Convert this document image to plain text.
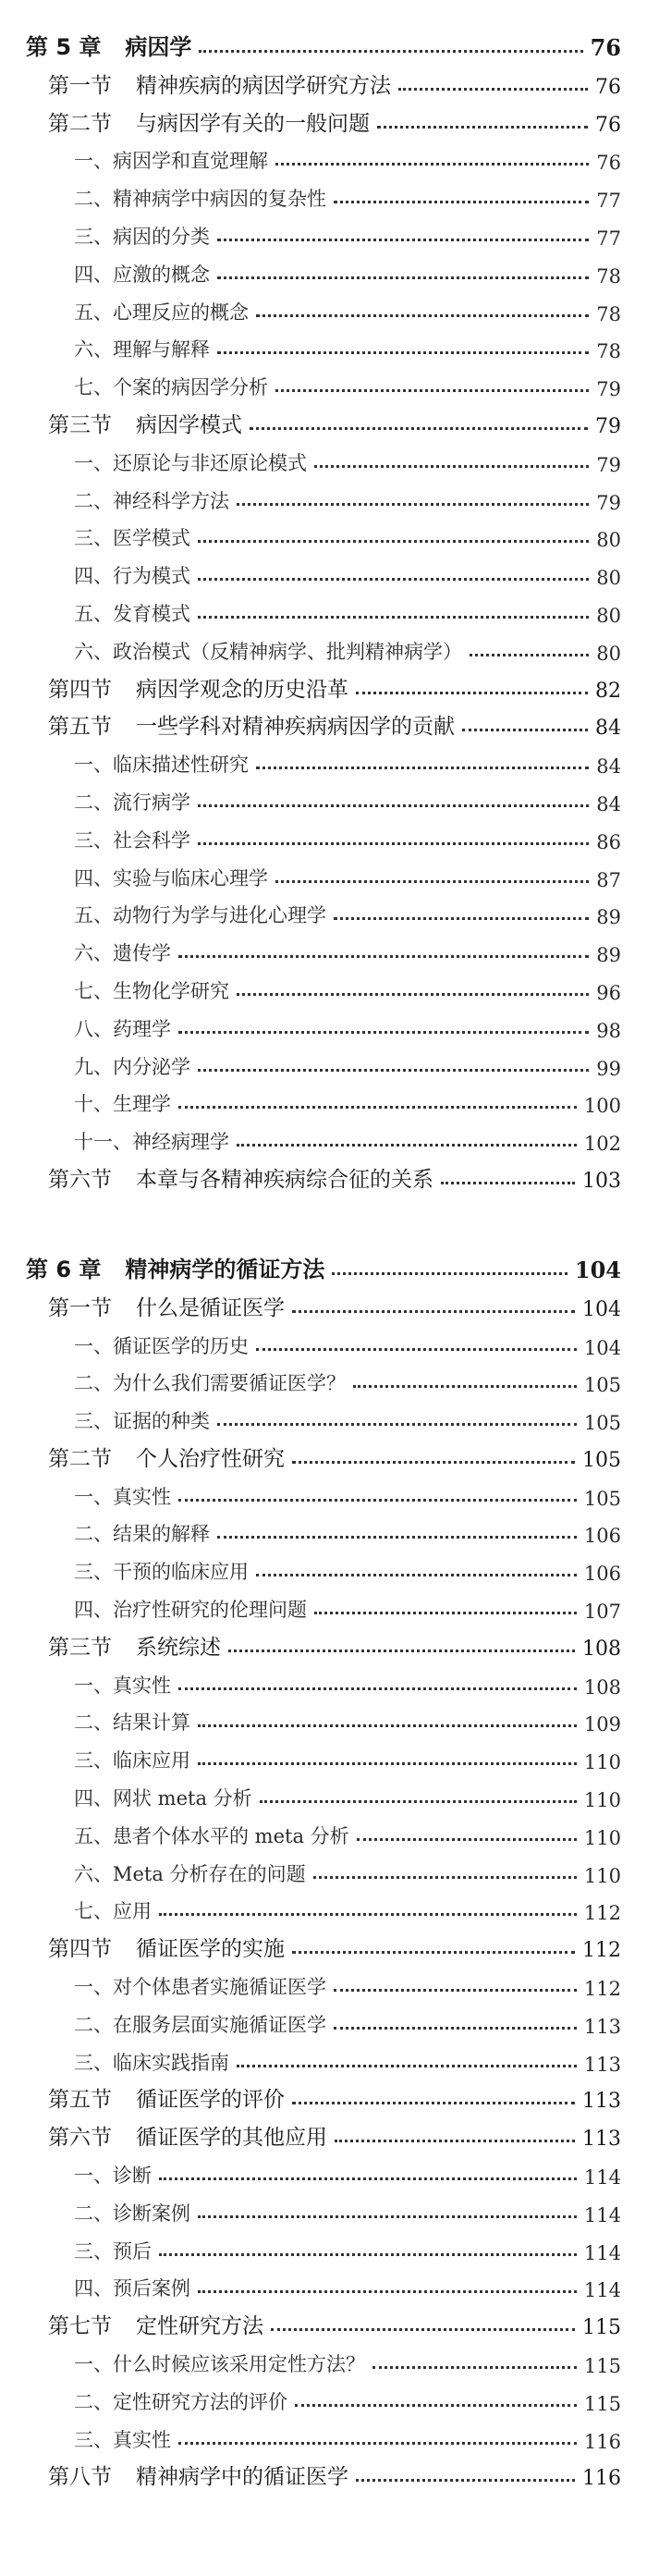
第 5 章 病因学	76
第一节 精神疾病的病因学研究方法	76
第二节 与病因学有关的一般问题	76
一、病因学和直觉理解	76
二、精神病学中病因的复杂性	77
三、病因的分类	77
四、应激的概念	78
五、心理反应的概念	78
六、理解与解释	78
七、个案的病因学分析	79
第三节 病因学模式	79
一、还原论与非还原论模式	79
二、神经科学方法	79
三、医学模式	80
四、行为模式	80
五、发育模式	80
六、政治模式（反精神病学、批判精神病学）	80
第四节 病因学观念的历史沿革	82
第五节 一些学科对精神疾病病因学的贡献	84
一、临床描述性研究	84
二、流行病学	84
三、社会科学	86
四、实验与临床心理学	87
五、动物行为学与进化心理学	89
六、遗传学	89
七、生物化学研究	96
八、药理学	98
九、内分泌学	99
十、生理学	100
十一、神经病理学	102
第六节 本章与各精神疾病综合征的关系	103
第 6 章 精神病学的循证方法	104
第一节 什么是循证医学	104
一、循证医学的历史	104
二、为什么我们需要循证医学？	105
三、证据的种类	105
第二节 个人治疗性研究	105
一、真实性	105
二、结果的解释	106
三、干预的临床应用	106
四、治疗性研究的伦理问题	107
第三节 系统综述	108
一、真实性	108
二、结果计算	109
三、临床应用	110
四、网状 meta 分析	110
五、患者个体水平的 meta 分析	110
六、Meta 分析存在的问题	110
七、应用	112
第四节 循证医学的实施	112
一、对个体患者实施循证医学	112
二、在服务层面实施循证医学	113
三、临床实践指南	113
第五节 循证医学的评价	113
第六节 循证医学的其他应用	113
一、诊断	114
二、诊断案例	114
三、预后	114
四、预后案例	114
第七节 定性研究方法	115
一、什么时候应该采用定性方法？	115
二、定性研究方法的评价	115
三、真实性	116
第八节 精神病学中的循证医学	116
